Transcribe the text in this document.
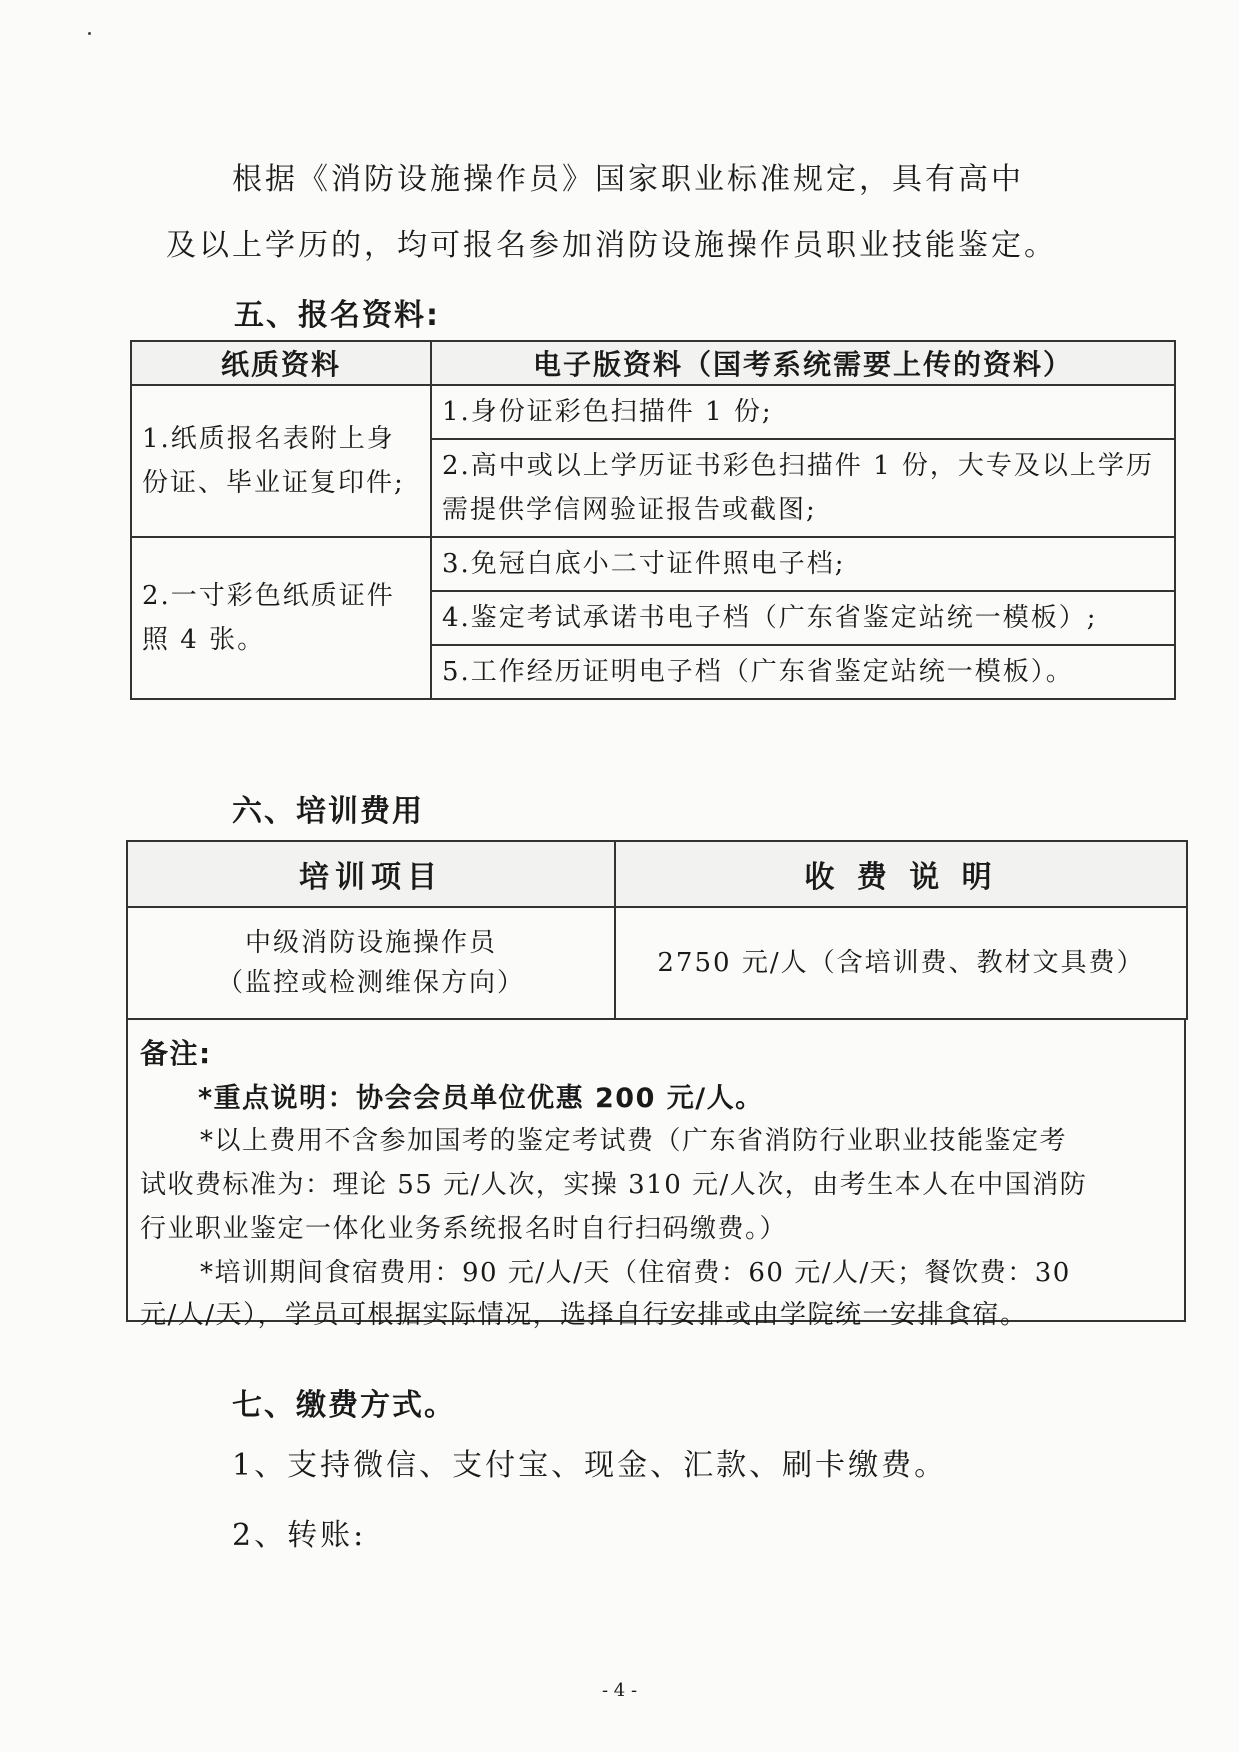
根据《消防设施操作员》国家职业标准规定，具有高中
及以上学历的，均可报名参加消防设施操作员职业技能鉴定。
五、报名资料:
纸质资料	电子版资料（国考系统需要上传的资料）
1.纸质报名表附上身份证、毕业证复印件;	1.身份证彩色扫描件 1 份;
	2.高中或以上学历证书彩色扫描件 1 份，大专及以上学历需提供学信网验证报告或截图;
2.一寸彩色纸质证件照 4 张。	3.免冠白底小二寸证件照电子档;
	4.鉴定考试承诺书电子档（广东省鉴定站统一模板）;
	5.工作经历证明电子档（广东省鉴定站统一模板）。
六、培训费用
培训项目	收 费 说 明

中级消防设施操作员
（监控或检测维保方向）	2750 元/人（含培训费、教材文具费）
备注:
*重点说明：协会会员单位优惠 200 元/人。
*以上费用不含参加国考的鉴定考试费（广东省消防行业职业技能鉴定考
试收费标准为：理论 55 元/人次，实操 310 元/人次，由考生本人在中国消防
行业职业鉴定一体化业务系统报名时自行扫码缴费。）
*培训期间食宿费用：90 元/人/天（住宿费：60 元/人/天；餐饮费：30
元/人/天），学员可根据实际情况，选择自行安排或由学院统一安排食宿。
七、缴费方式。
1、支持微信、支付宝、现金、汇款、刷卡缴费。
2、转账:
- 4 -
